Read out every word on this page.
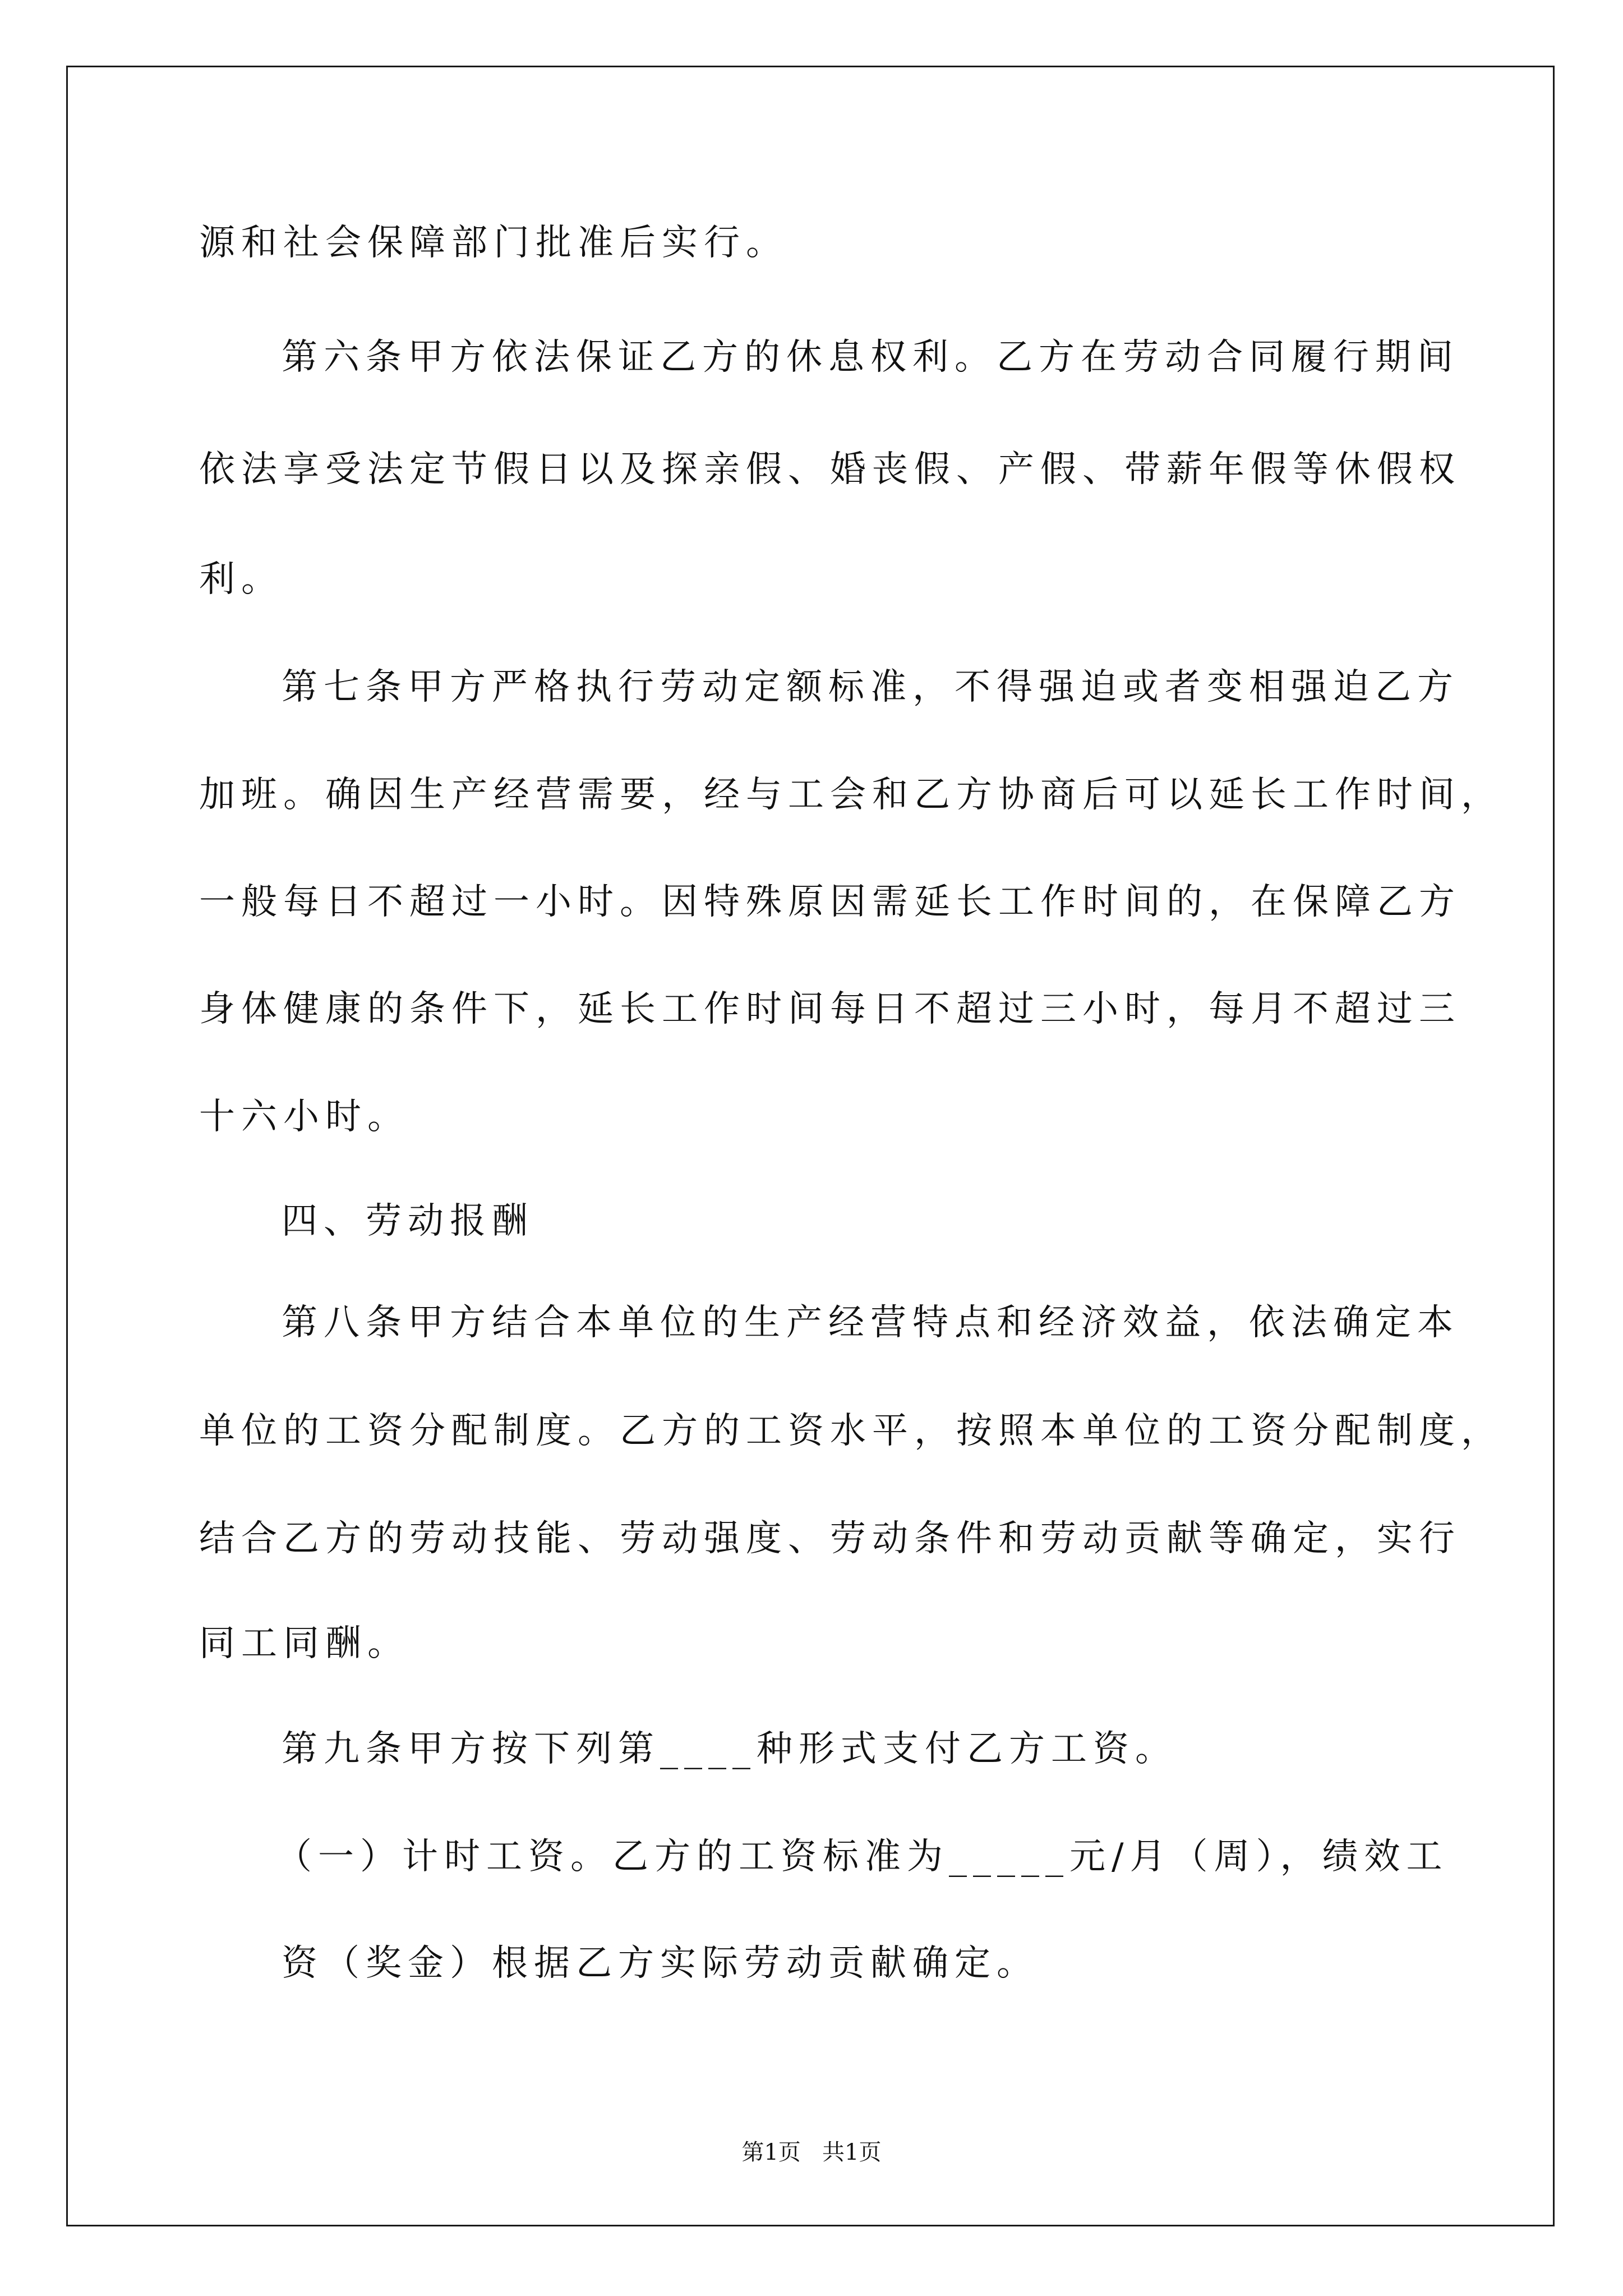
源和社会保障部门批准后实行。
第六条甲方依法保证乙方的休息权利。乙方在劳动合同履行期间
依法享受法定节假日以及探亲假、婚丧假、产假、带薪年假等休假权
利。
第七条甲方严格执行劳动定额标准，不得强迫或者变相强迫乙方
加班。确因生产经营需要，经与工会和乙方协商后可以延长工作时间，
一般每日不超过一小时。因特殊原因需延长工作时间的，在保障乙方
身体健康的条件下，延长工作时间每日不超过三小时，每月不超过三
十六小时。
四、劳动报酬
第八条甲方结合本单位的生产经营特点和经济效益，依法确定本
单位的工资分配制度。乙方的工资水平，按照本单位的工资分配制度，
结合乙方的劳动技能、劳动强度、劳动条件和劳动贡献等确定，实行
同工同酬。
第九条甲方按下列第____种形式支付乙方工资。
（一）计时工资。乙方的工资标准为_____元/月（周），绩效工
资（奖金）根据乙方实际劳动贡献确定。
第1页   共1页
